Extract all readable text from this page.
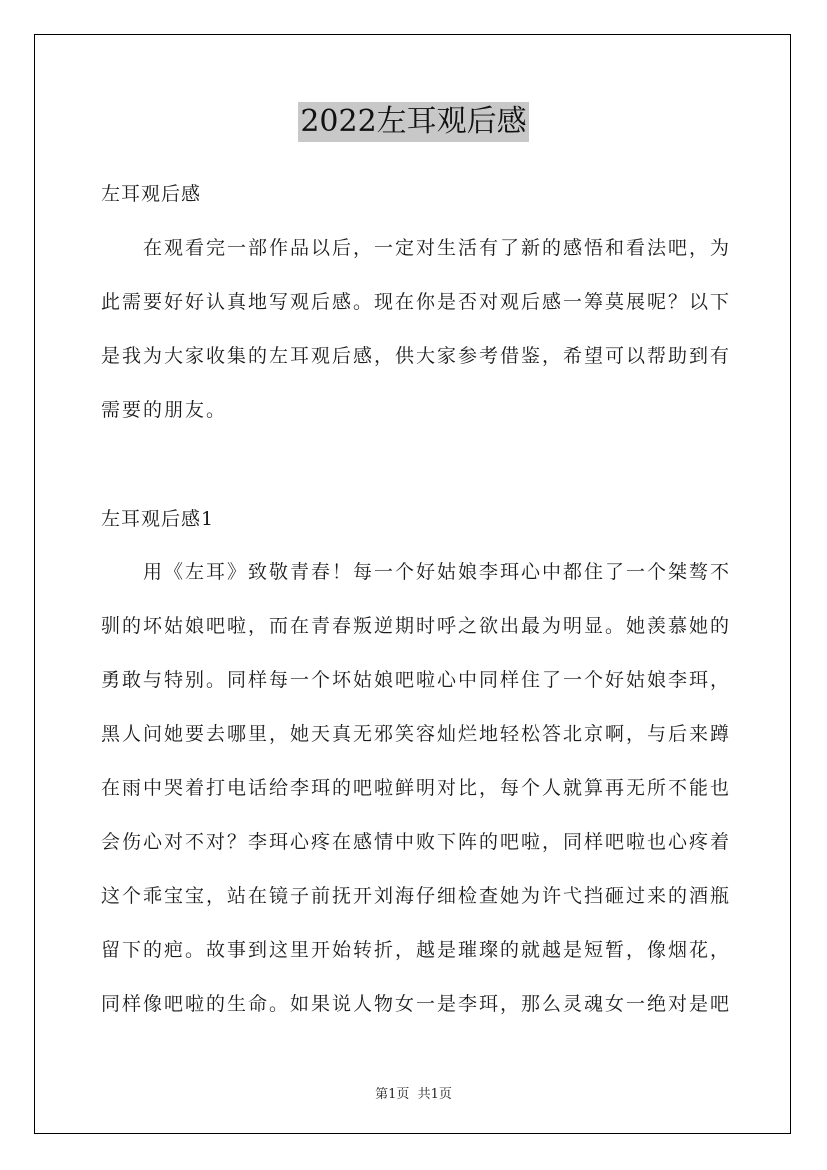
2022左耳观后感
左耳观后感
在观看完一部作品以后，一定对生活有了新的感悟和看法吧，为
此需要好好认真地写观后感。现在你是否对观后感一筹莫展呢？以下
是我为大家收集的左耳观后感，供大家参考借鉴，希望可以帮助到有
需要的朋友。
左耳观后感1
用《左耳》致敬青春！每一个好姑娘李珥心中都住了一个桀骜不
驯的坏姑娘吧啦，而在青春叛逆期时呼之欲出最为明显。她羡慕她的
勇敢与特别。同样每一个坏姑娘吧啦心中同样住了一个好姑娘李珥，
黑人问她要去哪里，她天真无邪笑容灿烂地轻松答北京啊，与后来蹲
在雨中哭着打电话给李珥的吧啦鲜明对比，每个人就算再无所不能也
会伤心对不对？李珥心疼在感情中败下阵的吧啦，同样吧啦也心疼着
这个乖宝宝，站在镜子前抚开刘海仔细检查她为许弋挡砸过来的酒瓶
留下的疤。故事到这里开始转折，越是璀璨的就越是短暂，像烟花，
同样像吧啦的生命。如果说人物女一是李珥，那么灵魂女一绝对是吧
第1页  共1页
